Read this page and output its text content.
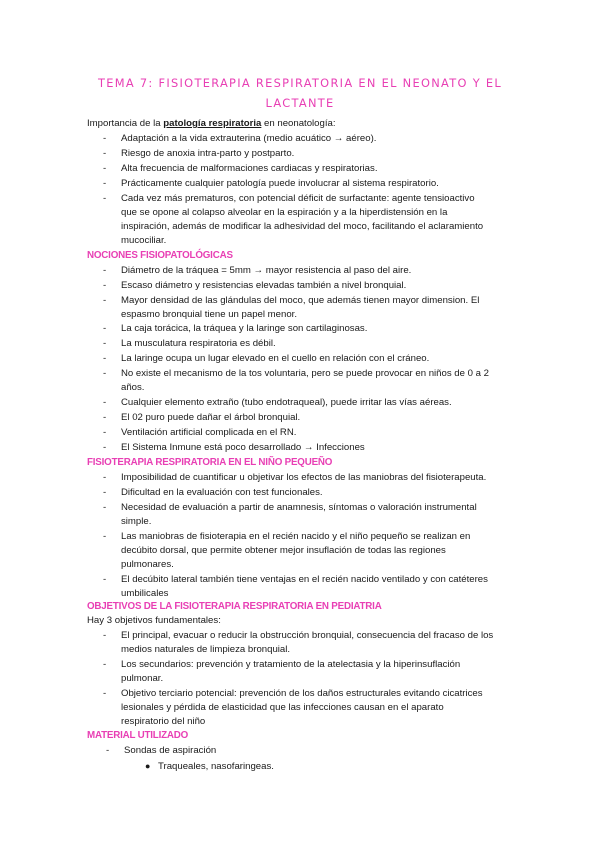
TEMA 7: FISIOTERAPIA RESPIRATORIA EN EL NEONATO Y EL
LACTANTE
Importancia de la patología respiratoria en neonatología:
- Adaptación a la vida extrauterina (medio acuático → aéreo).
- Riesgo de anoxia intra-parto y postparto.
- Alta frecuencia de malformaciones cardiacas y respiratorias.
- Prácticamente cualquier patología puede involucrar al sistema respiratorio.
- Cada vez más prematuros, con potencial déficit de surfactante: agente tensioactivo
que se opone al colapso alveolar en la espiración y a la hiperdistensión en la
inspiración, además de modificar la adhesividad del moco, facilitando el aclaramiento
mucociliar.
NOCIONES FISIOPATOLÓGICAS
- Diámetro de la tráquea = 5mm → mayor resistencia al paso del aire.
- Escaso diámetro y resistencias elevadas también a nivel bronquial.
- Mayor densidad de las glándulas del moco, que además tienen mayor dimension. El
espasmo bronquial tiene un papel menor.
- La caja torácica, la tráquea y la laringe son cartilaginosas.
- La musculatura respiratoria es débil.
- La laringe ocupa un lugar elevado en el cuello en relación con el cráneo.
- No existe el mecanismo de la tos voluntaria, pero se puede provocar en niños de 0 a 2
años.
- Cualquier elemento extraño (tubo endotraqueal), puede irritar las vías aéreas.
- El 02 puro puede dañar el árbol bronquial.
- Ventilación artificial complicada en el RN.
- El Sistema Inmune está poco desarrollado → Infecciones
FISIOTERAPIA RESPIRATORIA EN EL NIÑO PEQUEÑO
- Imposibilidad de cuantificar u objetivar los efectos de las maniobras del fisioterapeuta.
- Dificultad en la evaluación con test funcionales.
- Necesidad de evaluación a partir de anamnesis, síntomas o valoración instrumental
simple.
- Las maniobras de fisioterapia en el recién nacido y el niño pequeño se realizan en
decúbito dorsal, que permite obtener mejor insuflación de todas las regiones
pulmonares.
- El decúbito lateral también tiene ventajas en el recién nacido ventilado y con catéteres
umbilicales
OBJETIVOS DE LA FISIOTERAPIA RESPIRATORIA EN PEDIATRIA
Hay 3 objetivos fundamentales:
- El principal, evacuar o reducir la obstrucción bronquial, consecuencia del fracaso de los
medios naturales de limpieza bronquial.
- Los secundarios: prevención y tratamiento de la atelectasia y la hiperinsuflación
pulmonar.
- Objetivo terciario potencial: prevención de los daños estructurales evitando cicatrices
lesionales y pérdida de elasticidad que las infecciones causan en el aparato
respiratorio del niño
MATERIAL UTILIZADO
- Sondas de aspiración
● Traqueales, nasofaringeas.
